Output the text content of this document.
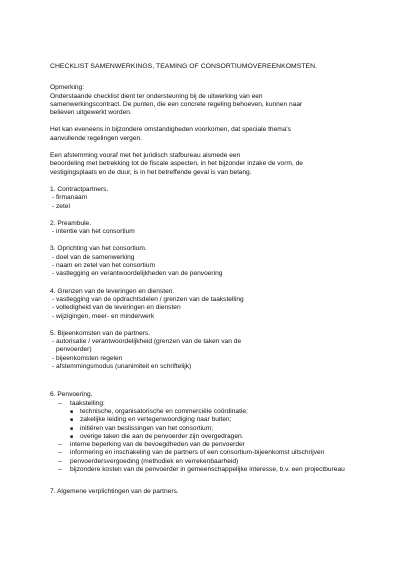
CHECKLIST SAMENWERKINGS, TEAMING OF CONSORTIUMOVEREENKOMSTEN.

Opmerking:
Onderstaande checklist dient ter ondersteuning bij de uitwerking van een
samenwerkingscontract. De punten, die een concrete regeling behoeven, kunnen naar
believen uitgewerkt worden.

Het kan eveneens in bijzondere omstandigheden voorkomen, dat speciale thema's
aanvullende regelingen vergen.

Een afstemming vooraf met het juridisch stafbureau alsmede een
beoordeling met betrekking tot de fiscale aspecten, in het bijzonder inzake de vorm, de
vestigingsplaats en de duur, is in het betreffende geval is van belang.

1. Contractpartners.

- firmanaam
- zetel

2. Preambule.

- intentie van het consortium

3. Oprichting van het consortium.

- doel van de samenwerking
- naam en zetel van het consortium
- vastlegging en verantwoordelijkheden van de penvoering

4. Grenzen van de leveringen en diensten.

- vastlegging van de opdrachtsdelen / grenzen van de taakstelling
- volledigheid van de leveringen en diensten
- wijzigingen, meer- en minderwerk

5. Bijeenkomsten van de partners.

- autorisatie / verantwoordelijkheid (grenzen van de taken van de penvoerder)
- bijeenkomsten regelen
- afstemmingsmodus (unanimiteit en schriftelijk)

6. Penvoering.

–	taakstelling:
■	technische, organisatorische en commerciële coördinatie;
■	zakelijke leiding en vertegenwoordiging naar buiten;
■	initiëren van beslissingen van het consortium;
■	overige taken die aan de penvoerder zijn overgedragen.
–	interne beperking van de bevoegdheden van de penvoerder
–	informering en inschakeling van de partners of een consortium-bijeenkomst uitschrijven
–	penvoerdersvergoeding (methodiek en verrekenbaarheid)
–	bijzondere kosten van de penvoerder in gemeenschappelijke interesse, b.v. een projectbureau

7. Algemene verplichtingen van de partners.
